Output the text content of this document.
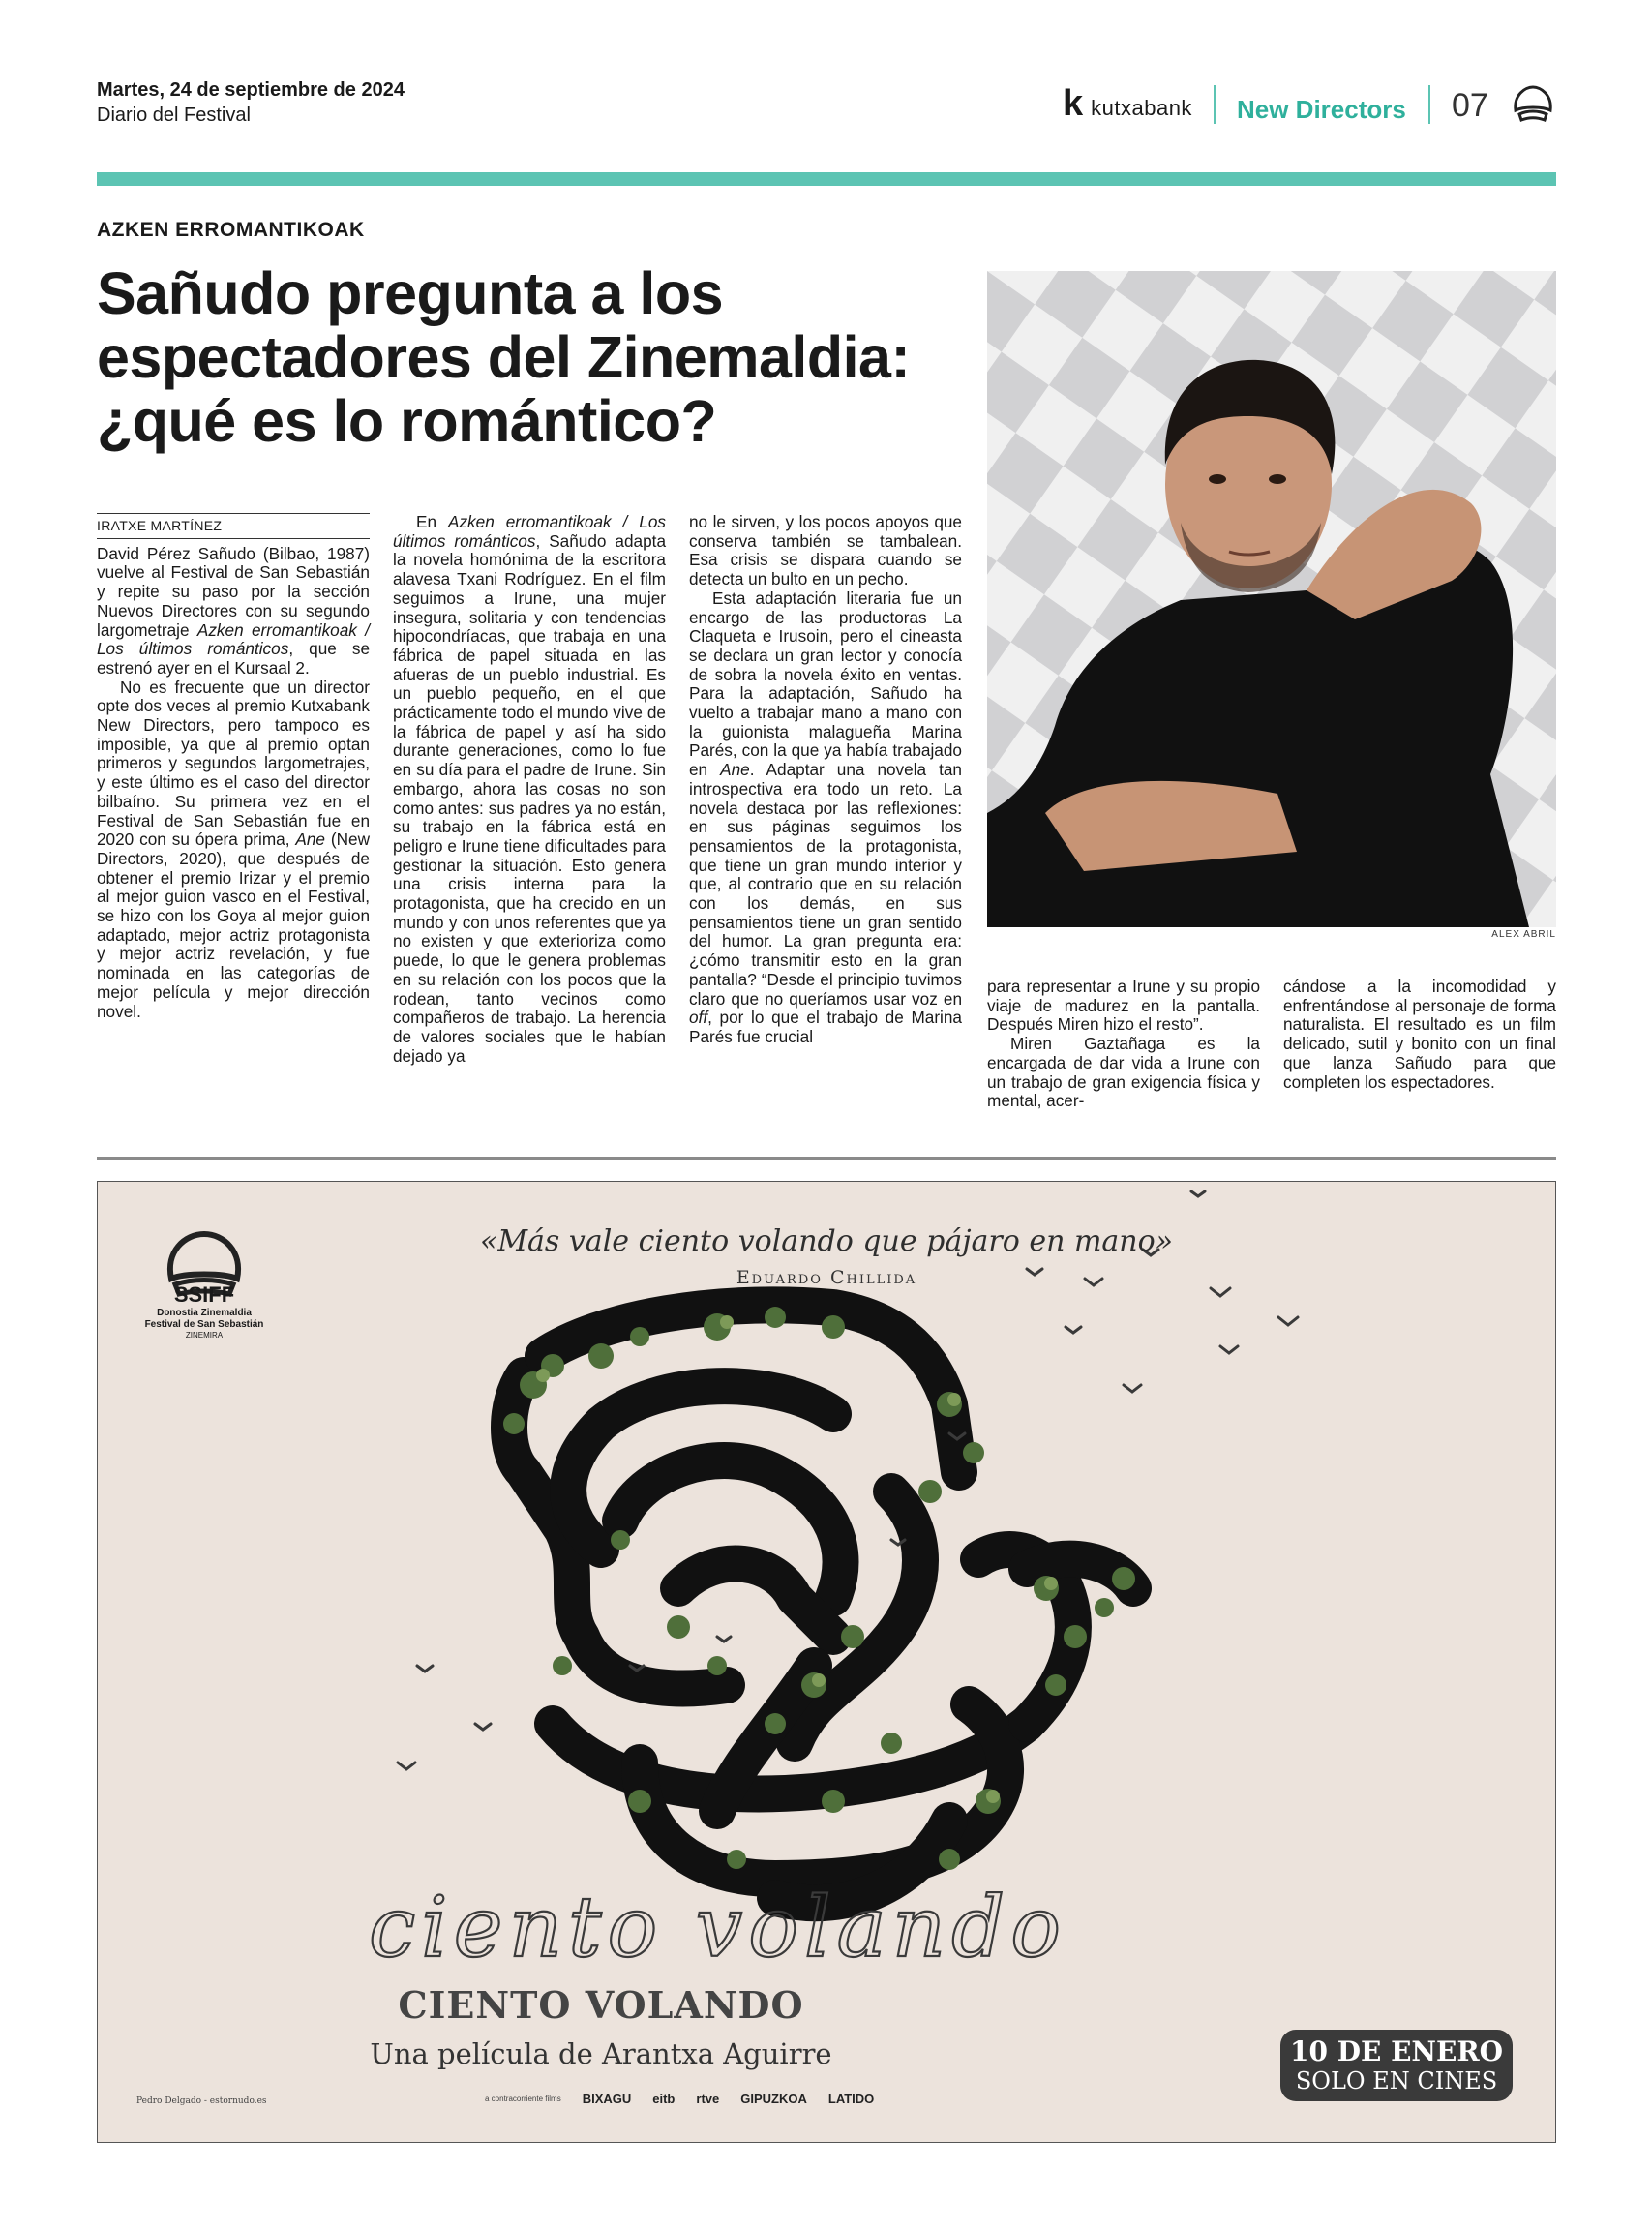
Martes, 24 de septiembre de 2024
Diario del Festival	k kutxabank New Directors 07
AZKEN ERROMANTIKOAK
Sañudo pregunta a los espectadores del Zinemaldia: ¿qué es lo romántico?
IRATXE MARTÍNEZ

David Pérez Sañudo (Bilbao, 1987) vuelve al Festival de San Sebastián y repite su paso por la sección Nuevos Directores con su segundo largometraje Azken erromantikoak / Los últimos románticos, que se estrenó ayer en el Kursaal 2.

No es frecuente que un director opte dos veces al premio Kutxabank New Directors, pero tampoco es imposible, ya que al premio optan primeros y segundos largometrajes, y este último es el caso del director bilbaíno. Su primera vez en el Festival de San Sebastián fue en 2020 con su ópera prima, Ane (New Directors, 2020), que después de obtener el premio Irizar y el premio al mejor guion vasco en el Festival, se hizo con los Goya al mejor guion adaptado, mejor actriz protagonista y mejor actriz revelación, y fue nominada en las categorías de mejor película y mejor dirección novel.

En Azken erromantikoak / Los últimos románticos, Sañudo adapta la novela homónima de la escritora alavesa Txani Rodríguez. En el film seguimos a Irune, una mujer insegura, solitaria y con tendencias hipocondríacas, que trabaja en una fábrica de papel situada en las afueras de un pueblo industrial. Es un pueblo pequeño, en el que prácticamente todo el mundo vive de la fábrica de papel y así ha sido durante generaciones, como lo fue en su día para el padre de Irune. Sin embargo, ahora las cosas no son como antes: sus padres ya no están, su trabajo en la fábrica está en peligro e Irune tiene dificultades para gestionar la situación. Esto genera una crisis interna para la protagonista, que ha crecido en un mundo y con unos referentes que ya no existen y que exterioriza como puede, lo que le genera problemas en su relación con los pocos que la rodean, tanto vecinos como compañeros de trabajo. La herencia de valores sociales que le habían dejado ya

no le sirven, y los pocos apoyos que conserva también se tambalean. Esa crisis se dispara cuando se detecta un bulto en un pecho.

Esta adaptación literaria fue un encargo de las productoras La Claqueta e Irusoin, pero el cineasta se declara un gran lector y conocía de sobra la novela éxito en ventas. Para la adaptación, Sañudo ha vuelto a trabajar mano a mano con la guionista malagueña Marina Parés, con la que ya había trabajado en Ane. Adaptar una novela tan introspectiva era todo un reto. La novela destaca por las reflexiones: en sus páginas seguimos los pensamientos de la protagonista, que tiene un gran mundo interior y que, al contrario que en su relación con los demás, en sus pensamientos tiene un gran sentido del humor. La gran pregunta era: ¿cómo transmitir esto en la gran pantalla? “Desde el principio tuvimos claro que no queríamos usar voz en off, por lo que el trabajo de Marina Parés fue crucial

ALEX ABRIL

para representar a Irune y su propio viaje de madurez en la pantalla. Después Miren hizo el resto”.

Miren Gaztañaga es la encargada de dar vida a Irune con un trabajo de gran exigencia física y mental, acer-

cándose a la incomodidad y enfrentándose al personaje de forma naturalista. El resultado es un film delicado, sutil y bonito con un final que lanza Sañudo para que completen los espectadores.

«Más vale ciento volando que pájaro en mano»
Eduardo Chillida
SSIFF
Donostia Zinemaldia
Festival de San Sebastián
ZINEMIRA
ciento volando
CIENTO VOLANDO
Una película de Arantxa Aguirre	10 DE ENERO
SOLO EN CINES
Pedro Delgado - estornudo.es	a contracorriente films BIXAGU eitb rtve GIPUZKOA LATIDO
